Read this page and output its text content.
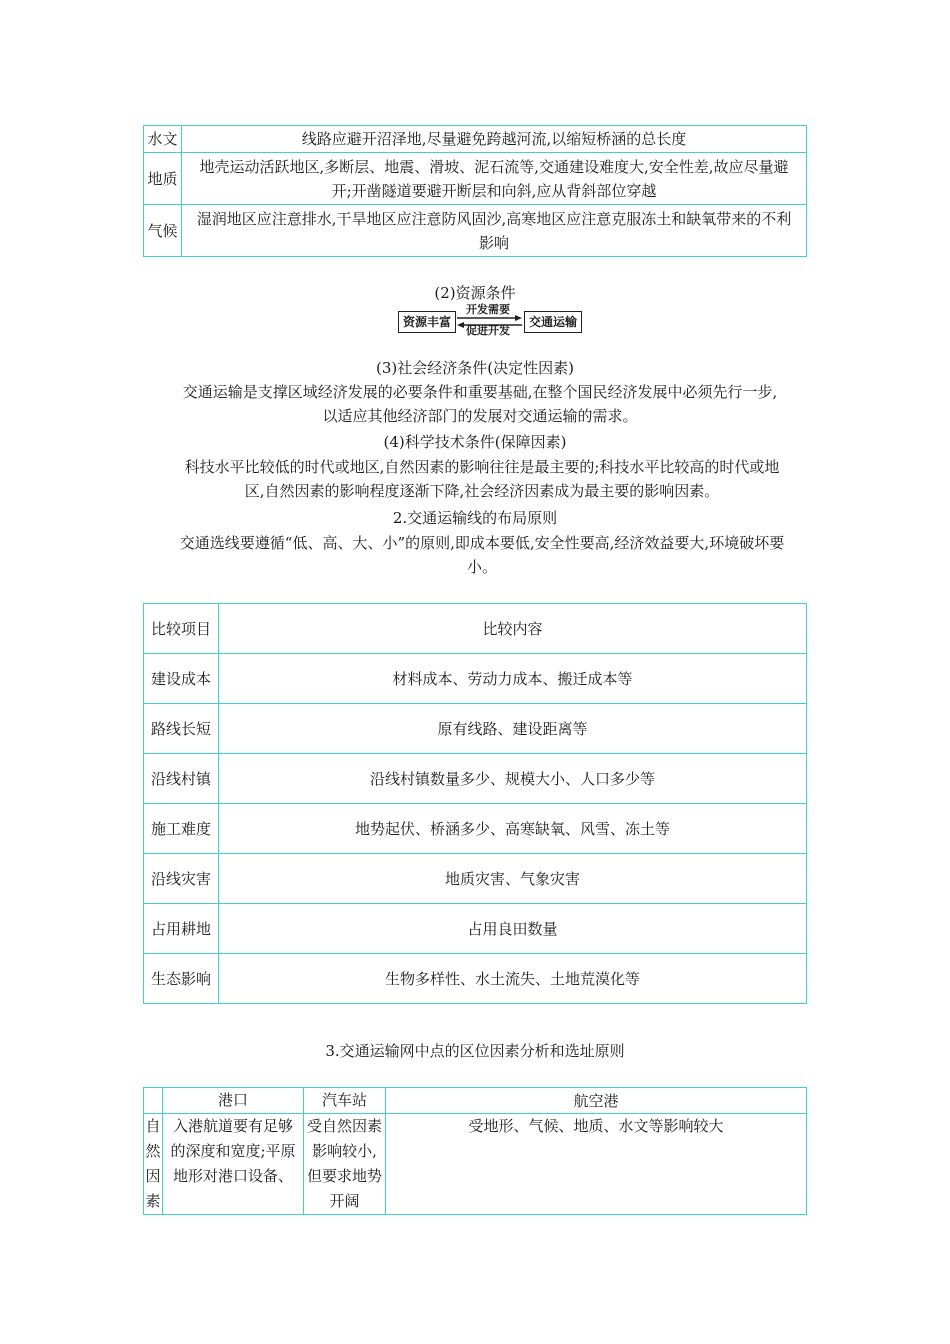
水文	线路应避开沼泽地,尽量避免跨越河流,以缩短桥涵的总长度
地质	地壳运动活跃地区,多断层、地震、滑坡、泥石流等,交通建设难度大,安全性差,故应尽量避开;开凿隧道要避开断层和向斜,应从背斜部位穿越
气候	湿润地区应注意排水,干旱地区应注意防风固沙,高寒地区应注意克服冻土和缺氧带来的不利影响
(2)资源条件
资源丰富	交通运输
开发需要
促进开发
(3)社会经济条件(决定性因素)
交通运输是支撑区域经济发展的必要条件和重要基础,在整个国民经济发展中必须先行一步,以适应其他经济部门的发展对交通运输的需求。
(4)科学技术条件(保障因素)
科技水平比较低的时代或地区,自然因素的影响往往是最主要的;科技水平比较高的时代或地区,自然因素的影响程度逐渐下降,社会经济因素成为最主要的影响因素。
2.交通运输线的布局原则
交通选线要遵循“低、高、大、小”的原则,即成本要低,安全性要高,经济效益要大,环境破坏要小。
比较项目	比较内容
建设成本	材料成本、劳动力成本、搬迁成本等
路线长短	原有线路、建设距离等
沿线村镇	沿线村镇数量多少、规模大小、人口多少等
施工难度	地势起伏、桥涵多少、高寒缺氧、风雪、冻土等
沿线灾害	地质灾害、气象灾害
占用耕地	占用良田数量
生态影响	生物多样性、水土流失、土地荒漠化等
3.交通运输网中点的区位因素分析和选址原则
	港口	汽车站	航空港
自然因素	入港航道要有足够的深度和宽度;平原地形对港口设备、	受自然因素影响较小,但要求地势开阔	受地形、气候、地质、水文等影响较大
